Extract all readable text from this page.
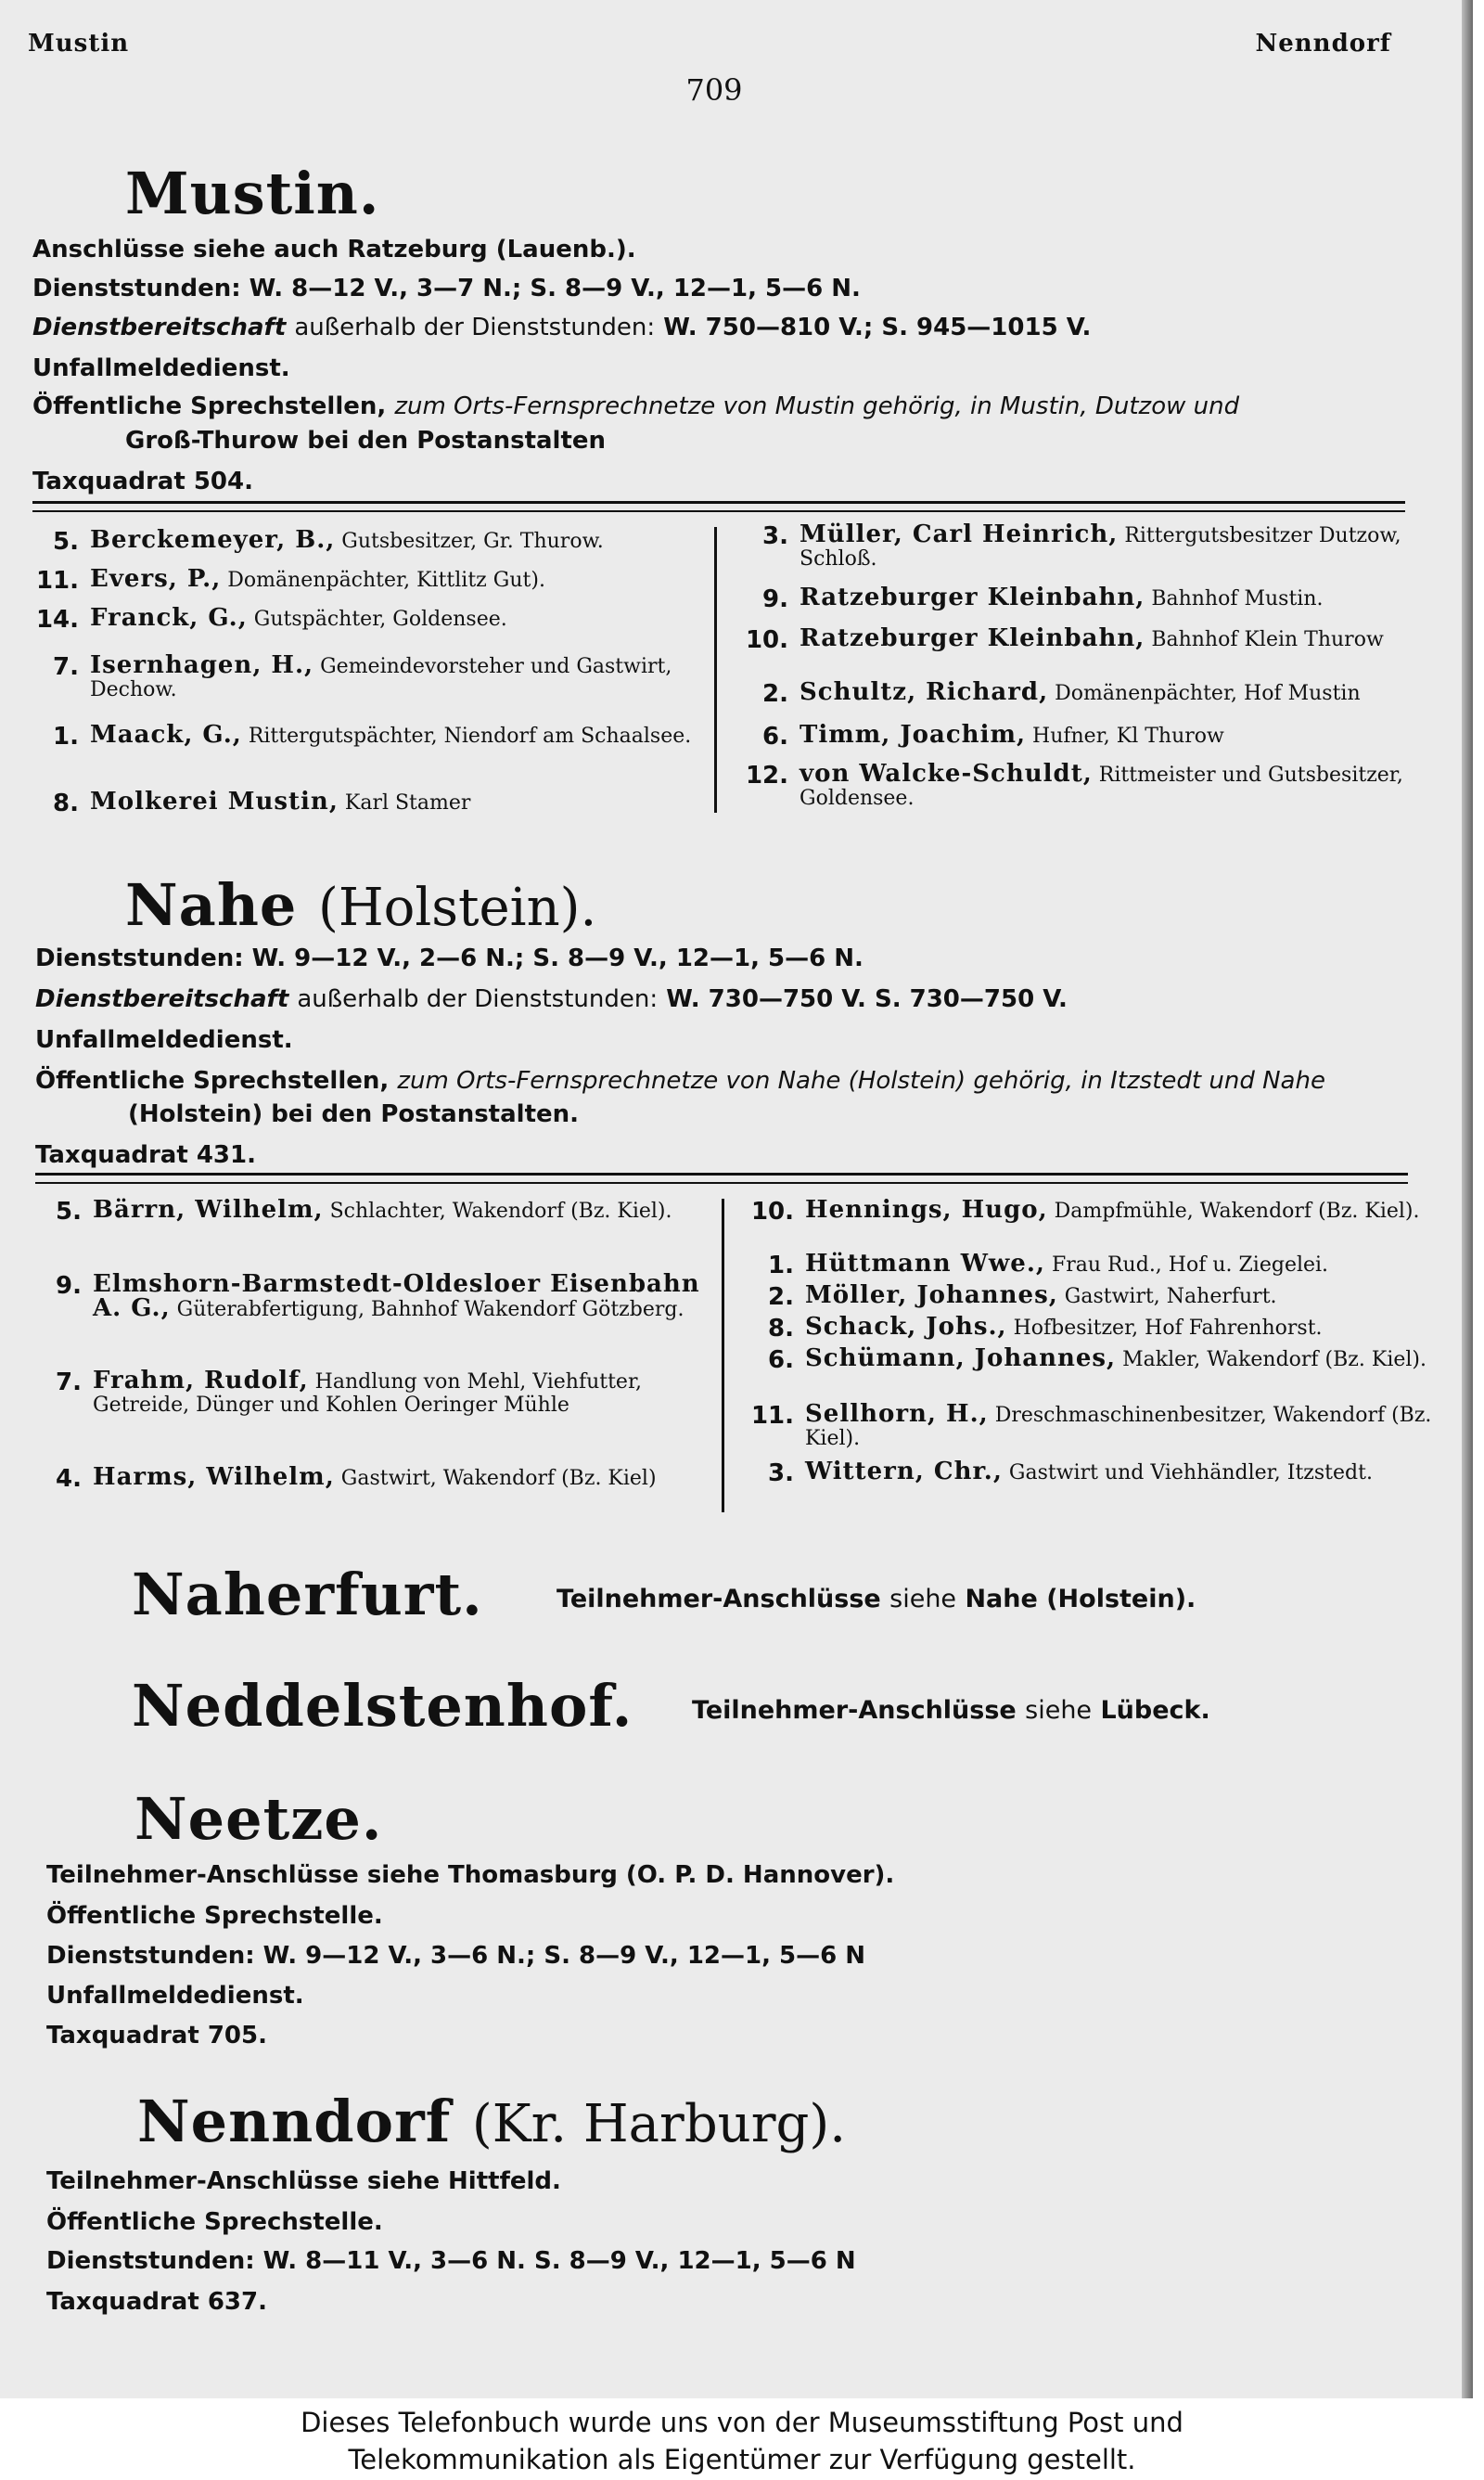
Mustin	Nenndorf
709
Mustin.
Anschlüsse siehe auch Ratzeburg (Lauenb.).
Dienststunden: W. 8—12 V., 3—7 N.; S. 8—9 V., 12—1, 5—6 N.
Dienstbereitschaft außerhalb der Dienststunden: W. 750—810 V.; S. 945—1015 V.
Unfallmeldedienst.
Öffentliche Sprechstellen, zum Orts-Fernsprechnetze von Mustin gehörig, in Mustin, Dutzow und
Groß-Thurow bei den Postanstalten
Taxquadrat 504.
5. Berckemeyer, B., Gutsbesitzer, Gr. Thurow.
11. Evers, P., Domänenpächter, Kittlitz Gut).
14. Franck, G., Gutspächter, Goldensee.
7. Isernhagen, H., Gemeindevorsteher und Gastwirt, Dechow.
1. Maack, G., Rittergutspächter, Niendorf am Schaalsee.
8. Molkerei Mustin, Karl Stamer
3. Müller, Carl Heinrich, Rittergutsbesitzer Dutzow, Schloß.
9. Ratzeburger Kleinbahn, Bahnhof Mustin.
10. Ratzeburger Kleinbahn, Bahnhof Klein Thurow
2. Schultz, Richard, Domänenpächter, Hof Mustin
6. Timm, Joachim, Hufner, Kl Thurow
12. von Walcke-Schuldt, Rittmeister und Gutsbesitzer, Goldensee.
Nahe (Holstein).
Dienststunden: W. 9—12 V., 2—6 N.; S. 8—9 V., 12—1, 5—6 N.
Dienstbereitschaft außerhalb der Dienststunden: W. 730—750 V. S. 730—750 V.
Unfallmeldedienst.
Öffentliche Sprechstellen, zum Orts-Fernsprechnetze von Nahe (Holstein) gehörig, in Itzstedt und Nahe
(Holstein) bei den Postanstalten.
Taxquadrat 431.
5. Bärrn, Wilhelm, Schlachter, Wakendorf (Bz. Kiel).
9. Elmshorn-Barmstedt-Oldesloer Eisenbahn A. G., Güterabfertigung, Bahnhof Wakendorf Götzberg.
7. Frahm, Rudolf, Handlung von Mehl, Viehfutter, Getreide, Dünger und Kohlen Oeringer Mühle
4. Harms, Wilhelm, Gastwirt, Wakendorf (Bz. Kiel)
10. Hennings, Hugo, Dampfmühle, Wakendorf (Bz. Kiel).
1. Hüttmann Wwe., Frau Rud., Hof u. Ziegelei.
2. Möller, Johannes, Gastwirt, Naherfurt.
8. Schack, Johs., Hofbesitzer, Hof Fahrenhorst.
6. Schümann, Johannes, Makler, Wakendorf (Bz. Kiel).
11. Sellhorn, H., Dreschmaschinenbesitzer, Wakendorf (Bz. Kiel).
3. Wittern, Chr., Gastwirt und Viehhändler, Itzstedt.
Naherfurt.	Teilnehmer-Anschlüsse siehe Nahe (Holstein).
Neddelstenhof. Teilnehmer-Anschlüsse siehe Lübeck.
Neetze.
Teilnehmer-Anschlüsse siehe Thomasburg (O. P. D. Hannover).
Öffentliche Sprechstelle.
Dienststunden: W. 9—12 V., 3—6 N.; S. 8—9 V., 12—1, 5—6 N
Unfallmeldedienst.
Taxquadrat 705.
Nenndorf (Kr. Harburg).
Teilnehmer-Anschlüsse siehe Hittfeld.
Öffentliche Sprechstelle.
Dienststunden: W. 8—11 V., 3—6 N. S. 8—9 V., 12—1, 5—6 N
Taxquadrat 637.
Dieses Telefonbuch wurde uns von der Museumsstiftung Post und
Telekommunikation als Eigentümer zur Verfügung gestellt.
